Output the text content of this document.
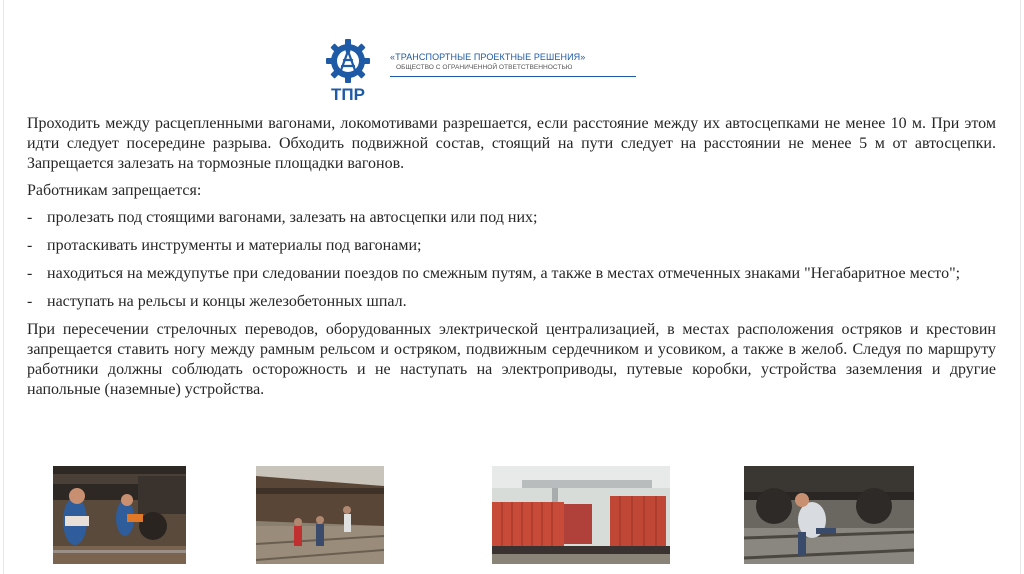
ТПР
«ТРАНСПОРТНЫЕ ПРОЕКТНЫЕ РЕШЕНИЯ»
ОБЩЕСТВО С ОГРАНИЧЕННОЙ ОТВЕТСТВЕННОСТЬЮ

Проходить между расцепленными вагонами, локомотивами разрешается, если расстояние между их автосцепками не менее 10 м. При этом идти следует посередине разрыва. Обходить подвижной состав, стоящий на пути следует на расстоянии не менее 5 м от автосцепки. Запрещается залезать на тормозные площадки вагонов.

Работникам запрещается:

- пролезать под стоящими вагонами, залезать на автосцепки или под них;
- протаскивать инструменты и материалы под вагонами;
- находиться на междупутье при следовании поездов по смежным путям, а также в местах отмеченных знаками "Негабаритное место";
- наступать на рельсы и концы железобетонных шпал.

При пересечении стрелочных переводов, оборудованных электрической централизацией, в местах расположения остряков и крестовин запрещается ставить ногу между рамным рельсом и остряком, подвижным сердечником и усовиком, а также в желоб. Следуя по маршруту работники должны соблюдать осторожность и не наступать на электроприводы, путевые коробки, устройства заземления и другие напольные (наземные) устройства.
